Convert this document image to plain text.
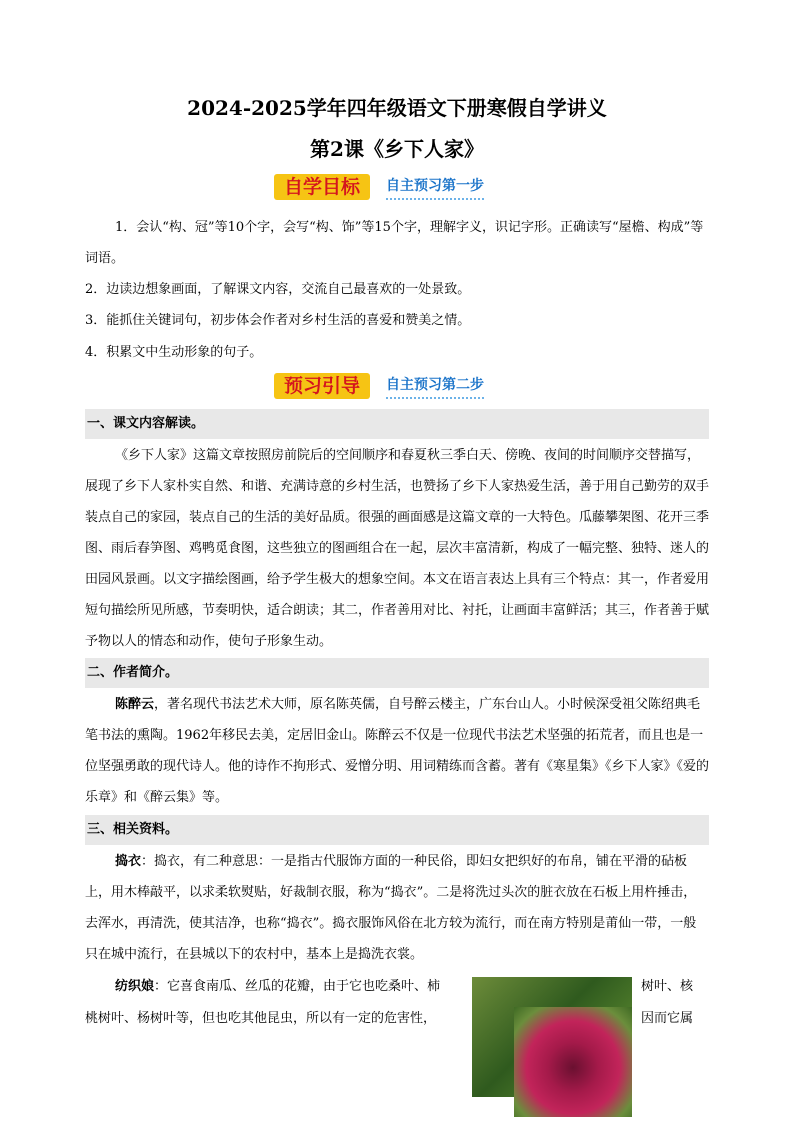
2024-2025学年四年级语文下册寒假自学讲义
第2课《乡下人家》
自学目标	自主预习第一步

1．会认“构、冠”等10个字，会写“构、饰”等15个字，理解字义，识记字形。正确读写“屋檐、构成”等词语。

2．边读边想象画面，了解课文内容，交流自己最喜欢的一处景致。

3．能抓住关键词句，初步体会作者对乡村生活的喜爱和赞美之情。

4．积累文中生动形象的句子。

预习引导	自主预习第二步
一、课文内容解读。

《乡下人家》这篇文章按照房前院后的空间顺序和春夏秋三季白天、傍晚、夜间的时间顺序交替描写，展现了乡下人家朴实自然、和谐、充满诗意的乡村生活，也赞扬了乡下人家热爱生活，善于用自己勤劳的双手装点自己的家园，装点自己的生活的美好品质。很强的画面感是这篇文章的一大特色。瓜藤攀架图、花开三季图、雨后春笋图、鸡鸭觅食图，这些独立的图画组合在一起，层次丰富清新，构成了一幅完整、独特、迷人的田园风景画。以文字描绘图画，给予学生极大的想象空间。本文在语言表达上具有三个特点：其一，作者爱用短句描绘所见所感，节奏明快，适合朗读；其二，作者善用对比、衬托，让画面丰富鲜活；其三，作者善于赋予物以人的情态和动作，使句子形象生动。

二、作者简介。

陈醉云，著名现代书法艺术大师，原名陈英儒，自号醉云楼主，广东台山人。小时候深受祖父陈绍典毛笔书法的熏陶。1962年移民去美，定居旧金山。陈醉云不仅是一位现代书法艺术坚强的拓荒者，而且也是一位坚强勇敢的现代诗人。他的诗作不拘形式、爱憎分明、用词精练而含蓄。著有《寒星集》《乡下人家》《爱的乐章》和《醉云集》等。

三、相关资料。

捣衣：捣衣，有二种意思：一是指古代服饰方面的一种民俗，即妇女把织好的布帛，铺在平滑的砧板上，用木棒敲平，以求柔软熨贴，好裁制衣服，称为“捣衣”。二是将洗过头次的脏衣放在石板上用杵捶击，去浑水，再清洗，使其洁净，也称“捣衣”。捣衣服饰风俗在北方较为流行，而在南方特别是莆仙一带，一般只在城中流行，在县城以下的农村中，基本上是捣洗衣裳。

纺织娘：它喜食南瓜、丝瓜的花瓣，由于它也吃桑叶、柿	树叶、核

桃树叶、杨树叶等，但也吃其他昆虫，所以有一定的危害性，	因而它属
